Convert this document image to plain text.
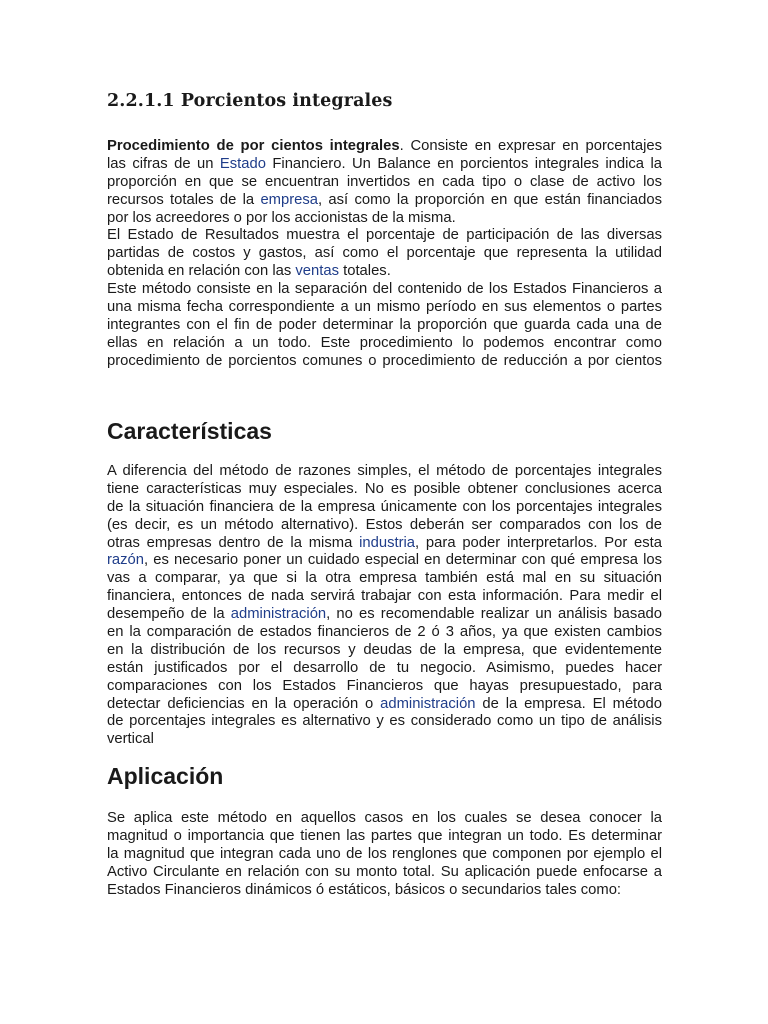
2.2.1.1 Porcientos integrales
Procedimiento de por cientos integrales. Consiste en expresar en porcentajes
las cifras de un Estado Financiero. Un Balance en porcientos integrales indica la
proporción en que se encuentran invertidos en cada tipo o clase de activo los
recursos totales de la empresa, así como la proporción en que están financiados
por los acreedores o por los accionistas de la misma.
El Estado de Resultados muestra el porcentaje de participación de las diversas
partidas de costos y gastos, así como el porcentaje que representa la utilidad
obtenida en relación con las ventas totales.
Este método consiste en la separación del contenido de los Estados Financieros a
una misma fecha correspondiente a un mismo período en sus elementos o partes
integrantes con el fin de poder determinar la proporción que guarda cada una de
ellas en relación a un todo. Este procedimiento lo podemos encontrar como
procedimiento de porcientos comunes o procedimiento de reducción a por cientos
Características
A diferencia del método de razones simples, el método de porcentajes integrales
tiene características muy especiales. No es posible obtener conclusiones acerca
de la situación financiera de la empresa únicamente con los porcentajes integrales
(es decir, es un método alternativo). Estos deberán ser comparados con los de
otras empresas dentro de la misma industria, para poder interpretarlos. Por esta
razón, es necesario poner un cuidado especial en determinar con qué empresa los
vas a comparar, ya que si la otra empresa también está mal en su situación
financiera, entonces de nada servirá trabajar con esta información. Para medir el
desempeño de la administración, no es recomendable realizar un análisis basado
en la comparación de estados financieros de 2 ó 3 años, ya que existen cambios
en la distribución de los recursos y deudas de la empresa, que evidentemente
están justificados por el desarrollo de tu negocio. Asimismo, puedes hacer
comparaciones con los Estados Financieros que hayas presupuestado, para
detectar deficiencias en la operación o administración de la empresa. El método
de porcentajes integrales es alternativo y es considerado como un tipo de análisis
vertical
Aplicación
Se aplica este método en aquellos casos en los cuales se desea conocer la
magnitud o importancia que tienen las partes que integran un todo. Es determinar
la magnitud que integran cada uno de los renglones que componen por ejemplo el
Activo Circulante en relación con su monto total. Su aplicación puede enfocarse a
Estados Financieros dinámicos ó estáticos, básicos o secundarios tales como:
